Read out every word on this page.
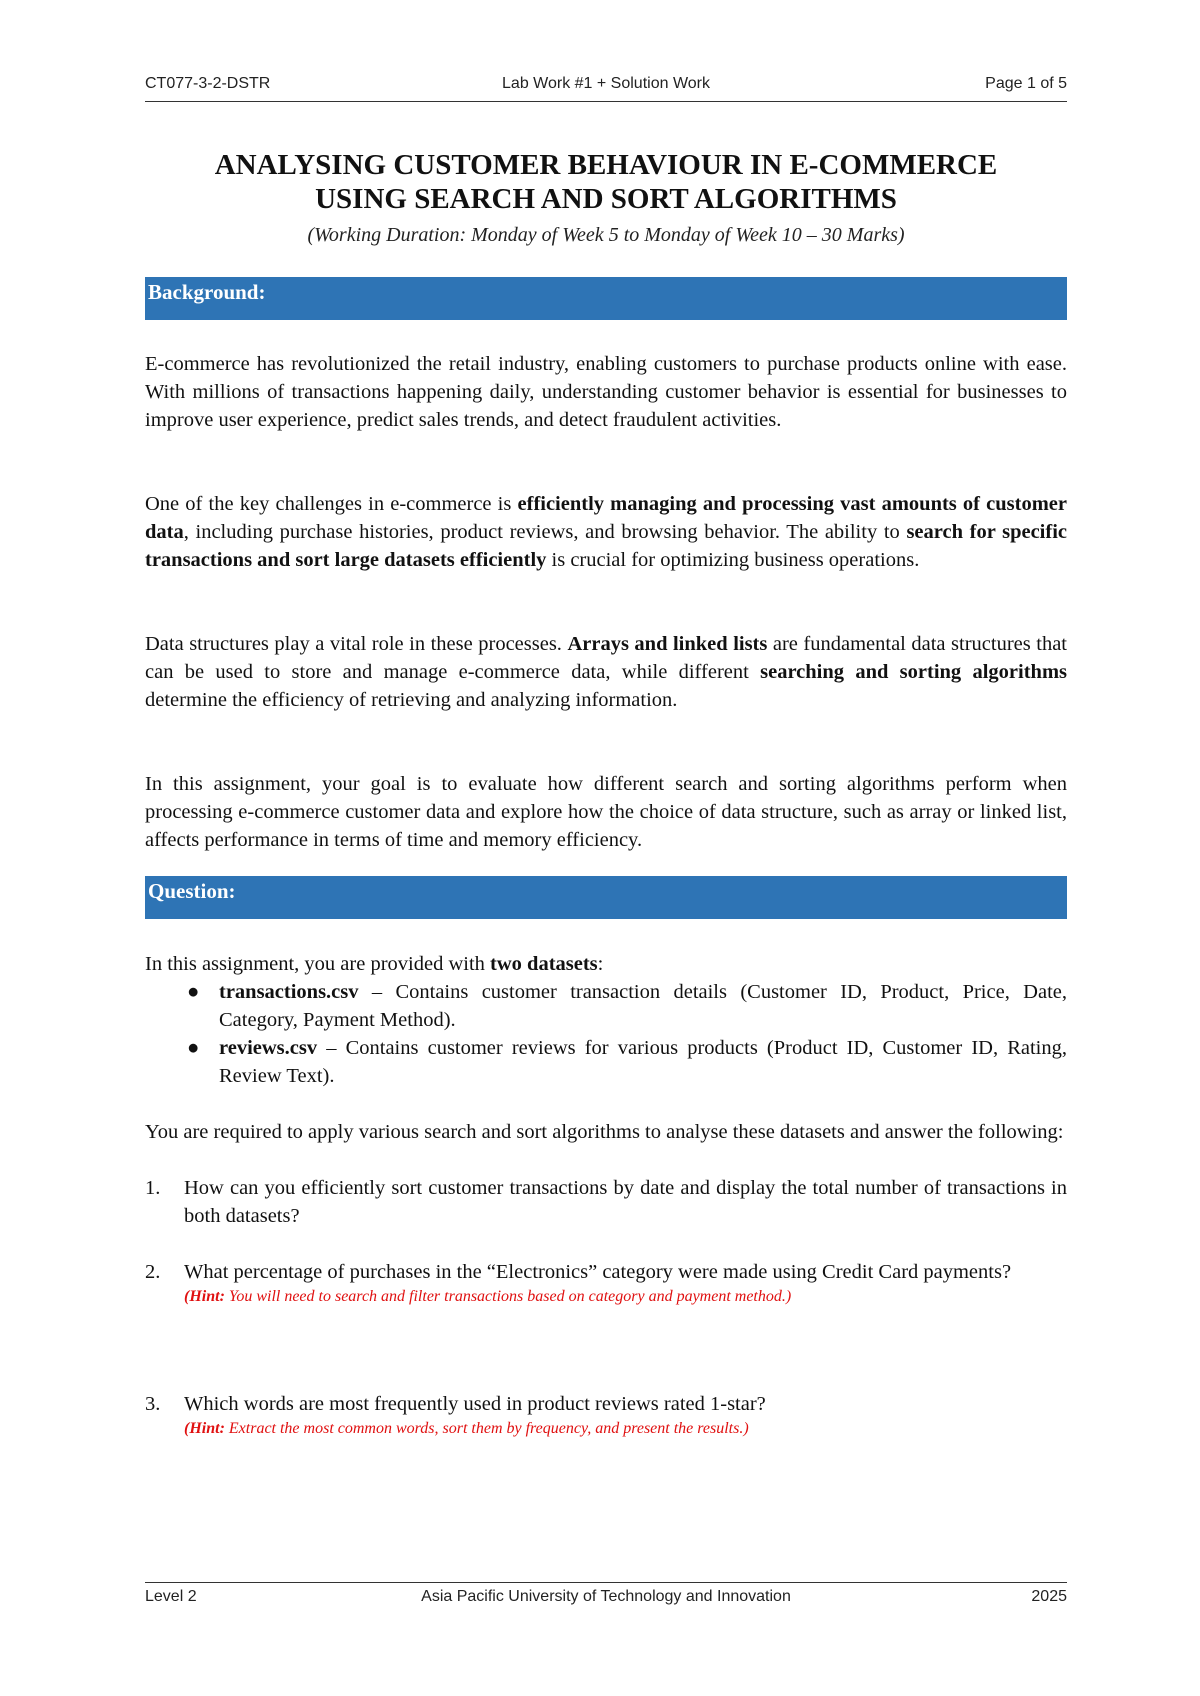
CT077-3-2-DSTR	Lab Work #1 + Solution Work	Page 1 of 5
ANALYSING CUSTOMER BEHAVIOUR IN E-COMMERCE
USING SEARCH AND SORT ALGORITHMS
(Working Duration: Monday of Week 5 to Monday of Week 10 – 30 Marks)
Background:
E-commerce has revolutionized the retail industry, enabling customers to purchase products online with ease. With millions of transactions happening daily, understanding customer behavior is essential for businesses to improve user experience, predict sales trends, and detect fraudulent activities.
One of the key challenges in e-commerce is efficiently managing and processing vast amounts of customer data, including purchase histories, product reviews, and browsing behavior. The ability to search for specific transactions and sort large datasets efficiently is crucial for optimizing business operations.
Data structures play a vital role in these processes. Arrays and linked lists are fundamental data structures that can be used to store and manage e-commerce data, while different searching and sorting algorithms determine the efficiency of retrieving and analyzing information.
In this assignment, your goal is to evaluate how different search and sorting algorithms perform when processing e-commerce customer data and explore how the choice of data structure, such as array or linked list, affects performance in terms of time and memory efficiency.
Question:
In this assignment, you are provided with two datasets:
● transactions.csv – Contains customer transaction details (Customer ID, Product, Price, Date, Category, Payment Method).
● reviews.csv – Contains customer reviews for various products (Product ID, Customer ID, Rating, Review Text).
You are required to apply various search and sort algorithms to analyse these datasets and answer the following:
1. How can you efficiently sort customer transactions by date and display the total number of transactions in both datasets?
2. What percentage of purchases in the “Electronics” category were made using Credit Card payments?
(Hint: You will need to search and filter transactions based on category and payment method.)
3. Which words are most frequently used in product reviews rated 1-star?
(Hint: Extract the most common words, sort them by frequency, and present the results.)
Level 2	Asia Pacific University of Technology and Innovation	2025
